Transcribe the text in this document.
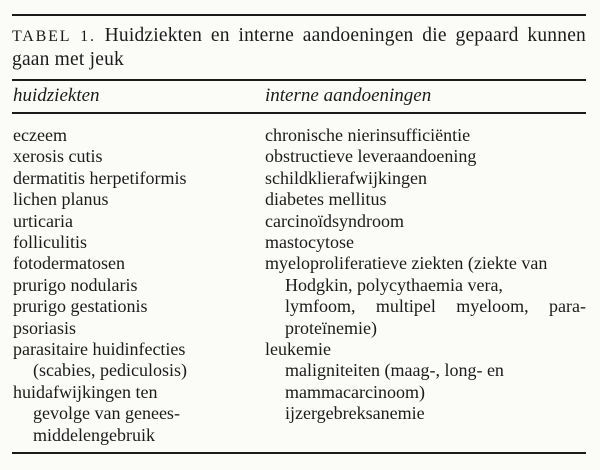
TABEL 1. Huidziekten en interne aandoeningen die gepaard kunnen
gaan met jeuk
huidziekten	interne aandoeningen
eczeem	chronische nierinsufficiëntie
xerosis cutis	obstructieve leveraandoening
dermatitis herpetiformis	schildklierafwijkingen
lichen planus	diabetes mellitus
urticaria	carcinoïdsyndroom
folliculitis	mastocytose
fotodermatosen	myeloproliferatieve ziekten (ziekte van
prurigo nodularis	Hodgkin, polycythaemia vera,
prurigo gestationis	lymfoom, multipel myeloom, para-
psoriasis	proteïnemie)
parasitaire huidinfecties	leukemie
(scabies, pediculosis)	maligniteiten (maag-, long- en
huidafwijkingen ten	mammacarcinoom)
gevolge van genees-	ijzergebreksanemie
middelengebruik
